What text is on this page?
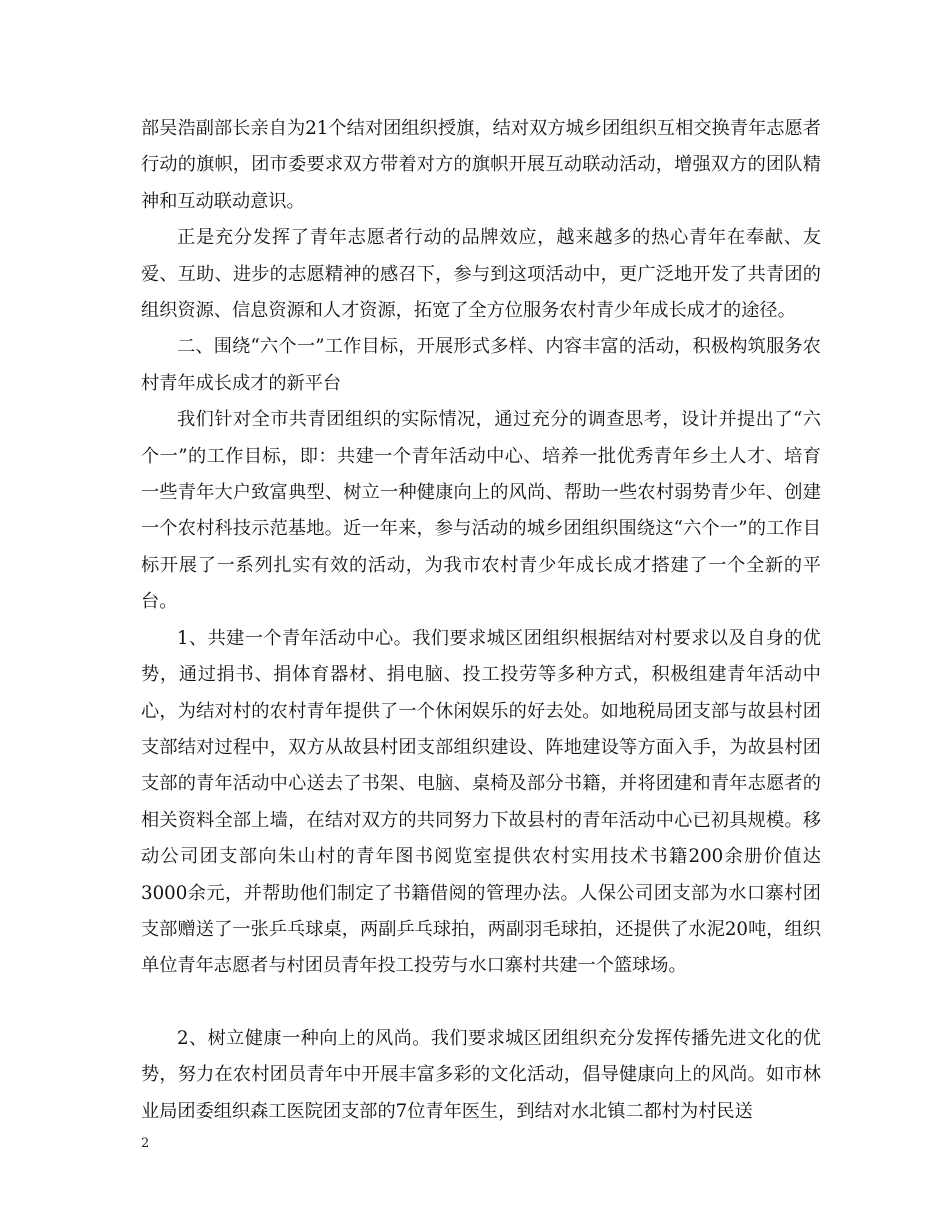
部吴浩副部长亲自为21个结对团组织授旗，结对双方城乡团组织互相交换青年志愿者行动的旗帜，团市委要求双方带着对方的旗帜开展互动联动活动，增强双方的团队精神和互动联动意识。

正是充分发挥了青年志愿者行动的品牌效应，越来越多的热心青年在奉献、友爱、互助、进步的志愿精神的感召下，参与到这项活动中，更广泛地开发了共青团的组织资源、信息资源和人才资源，拓宽了全方位服务农村青少年成长成才的途径。

二、围绕“六个一”工作目标，开展形式多样、内容丰富的活动，积极构筑服务农村青年成长成才的新平台

我们针对全市共青团组织的实际情况，通过充分的调查思考，设计并提出了“六个一”的工作目标，即：共建一个青年活动中心、培养一批优秀青年乡土人才、培育一些青年大户致富典型、树立一种健康向上的风尚、帮助一些农村弱势青少年、创建一个农村科技示范基地。近一年来，参与活动的城乡团组织围绕这“六个一”的工作目标开展了一系列扎实有效的活动，为我市农村青少年成长成才搭建了一个全新的平台。

1、共建一个青年活动中心。我们要求城区团组织根据结对村要求以及自身的优势，通过捐书、捐体育器材、捐电脑、投工投劳等多种方式，积极组建青年活动中心，为结对村的农村青年提供了一个休闲娱乐的好去处。如地税局团支部与故县村团支部结对过程中，双方从故县村团支部组织建设、阵地建设等方面入手，为故县村团支部的青年活动中心送去了书架、电脑、桌椅及部分书籍，并将团建和青年志愿者的相关资料全部上墙，在结对双方的共同努力下故县村的青年活动中心已初具规模。移动公司团支部向朱山村的青年图书阅览室提供农村实用技术书籍200余册价值达3000余元，并帮助他们制定了书籍借阅的管理办法。人保公司团支部为水口寨村团支部赠送了一张乒乓球桌，两副乒乓球拍，两副羽毛球拍，还提供了水泥20吨，组织单位青年志愿者与村团员青年投工投劳与水口寨村共建一个篮球场。

2、树立健康一种向上的风尚。我们要求城区团组织充分发挥传播先进文化的优势，努力在农村团员青年中开展丰富多彩的文化活动，倡导健康向上的风尚。如市林业局团委组织森工医院团支部的7位青年医生，到结对水北镇二都村为村民送

2
